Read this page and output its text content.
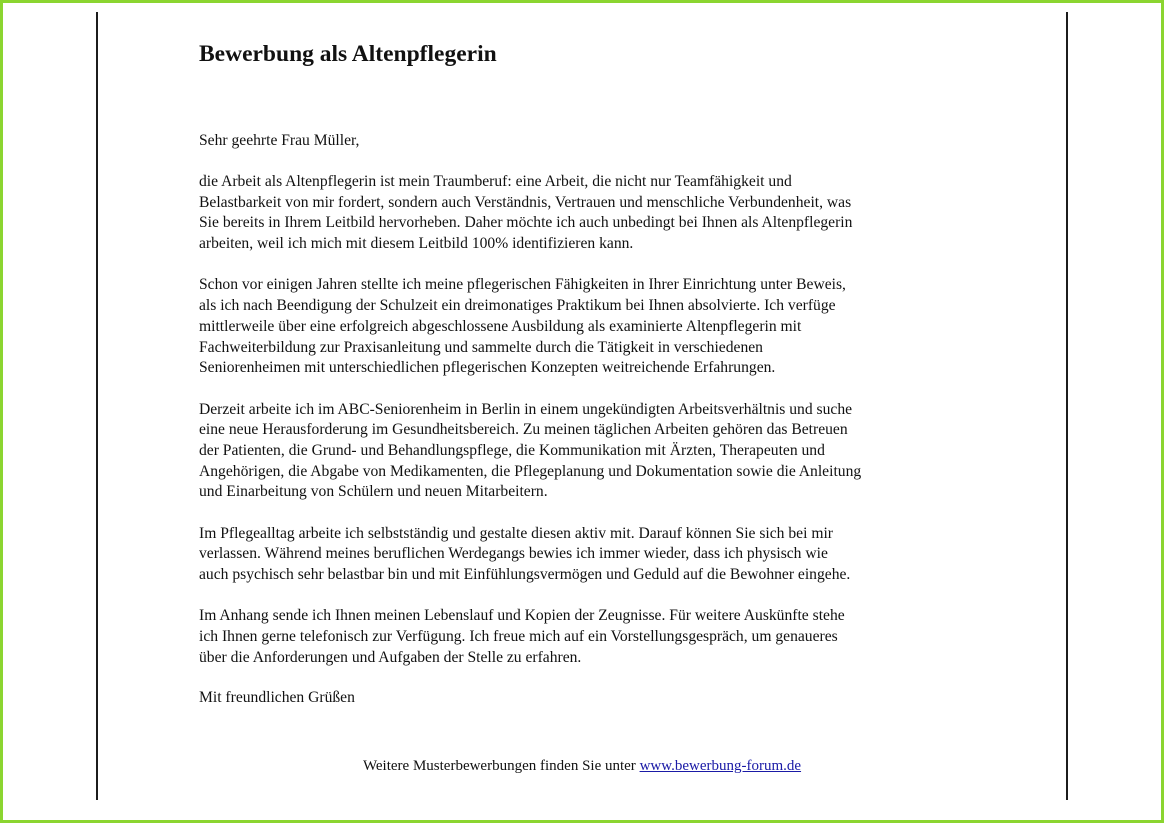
Bewerbung als Altenpflegerin

Sehr geehrte Frau Müller,

die Arbeit als Altenpflegerin ist mein Traumberuf: eine Arbeit, die nicht nur Teamfähigkeit und
Belastbarkeit von mir fordert, sondern auch Verständnis, Vertrauen und menschliche Verbundenheit, was
Sie bereits in Ihrem Leitbild hervorheben. Daher möchte ich auch unbedingt bei Ihnen als Altenpflegerin
arbeiten, weil ich mich mit diesem Leitbild 100% identifizieren kann.

Schon vor einigen Jahren stellte ich meine pflegerischen Fähigkeiten in Ihrer Einrichtung unter Beweis,
als ich nach Beendigung der Schulzeit ein dreimonatiges Praktikum bei Ihnen absolvierte. Ich verfüge
mittlerweile über eine erfolgreich abgeschlossene Ausbildung als examinierte Altenpflegerin mit
Fachweiterbildung zur Praxisanleitung und sammelte durch die Tätigkeit in verschiedenen
Seniorenheimen mit unterschiedlichen pflegerischen Konzepten weitreichende Erfahrungen.

Derzeit arbeite ich im ABC-Seniorenheim in Berlin in einem ungekündigten Arbeitsverhältnis und suche
eine neue Herausforderung im Gesundheitsbereich. Zu meinen täglichen Arbeiten gehören das Betreuen
der Patienten, die Grund- und Behandlungspflege, die Kommunikation mit Ärzten, Therapeuten und
Angehörigen, die Abgabe von Medikamenten, die Pflegeplanung und Dokumentation sowie die Anleitung
und Einarbeitung von Schülern und neuen Mitarbeitern.

Im Pflegealltag arbeite ich selbstständig und gestalte diesen aktiv mit. Darauf können Sie sich bei mir
verlassen. Während meines beruflichen Werdegangs bewies ich immer wieder, dass ich physisch wie
auch psychisch sehr belastbar bin und mit Einfühlungsvermögen und Geduld auf die Bewohner eingehe.

Im Anhang sende ich Ihnen meinen Lebenslauf und Kopien der Zeugnisse. Für weitere Auskünfte stehe
ich Ihnen gerne telefonisch zur Verfügung. Ich freue mich auf ein Vorstellungsgespräch, um genaueres
über die Anforderungen und Aufgaben der Stelle zu erfahren.

Mit freundlichen Grüßen

Weitere Musterbewerbungen finden Sie unter www.bewerbung-forum.de
